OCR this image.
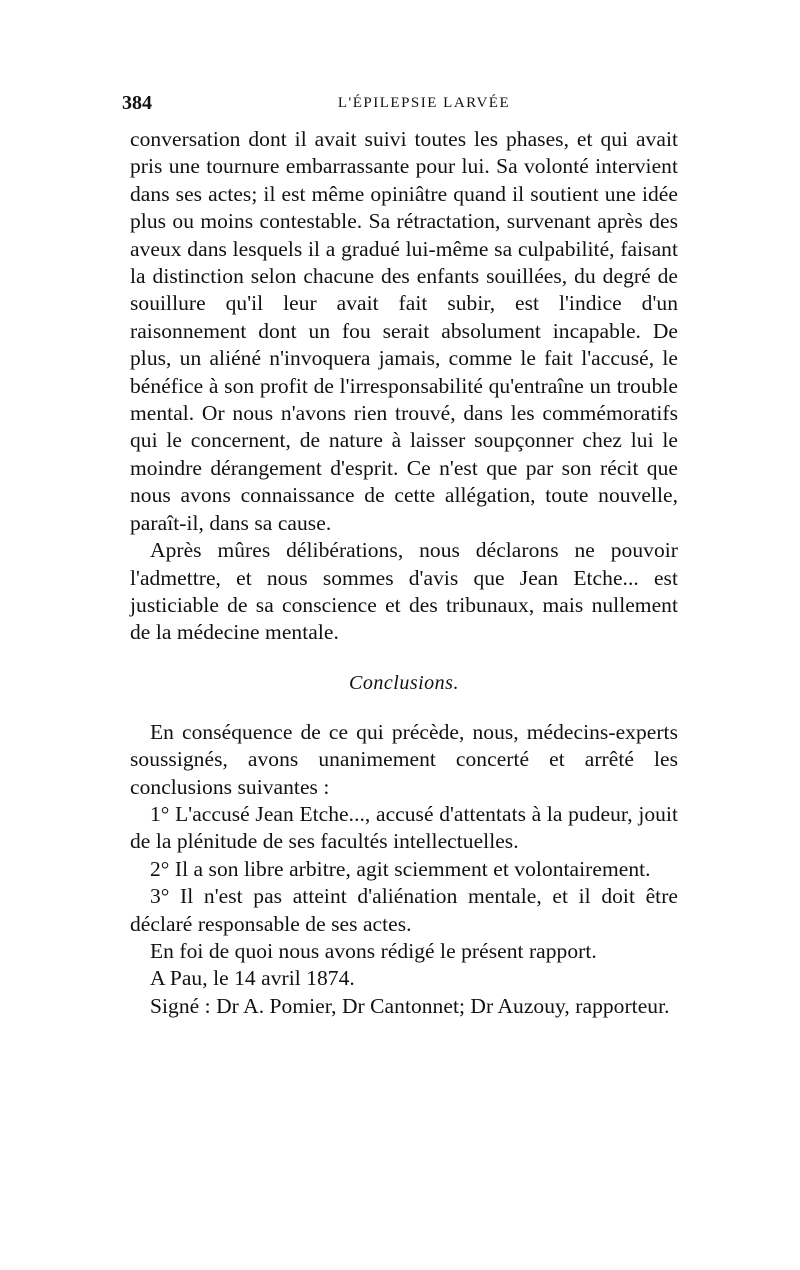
384	L'ÉPILEPSIE LARVÉE

conversation dont il avait suivi toutes les phases, et qui avait pris une tournure embarrassante pour lui. Sa volonté intervient dans ses actes; il est même opiniâtre quand il soutient une idée plus ou moins contestable. Sa rétractation, survenant après des aveux dans lesquels il a gradué lui-même sa culpabilité, faisant la distinction selon chacune des enfants souillées, du degré de souillure qu'il leur avait fait subir, est l'indice d'un raisonnement dont un fou serait absolument incapable. De plus, un aliéné n'invoquera jamais, comme le fait l'accusé, le bénéfice à son profit de l'irresponsabilité qu'entraîne un trouble mental. Or nous n'avons rien trouvé, dans les commémoratifs qui le concernent, de nature à laisser soupçonner chez lui le moindre dérangement d'esprit. Ce n'est que par son récit que nous avons connaissance de cette allégation, toute nouvelle, paraît-il, dans sa cause.

Après mûres délibérations, nous déclarons ne pouvoir l'admettre, et nous sommes d'avis que Jean Etche... est justiciable de sa conscience et des tribunaux, mais nullement de la médecine mentale.

Conclusions.

En conséquence de ce qui précède, nous, médecins-experts soussignés, avons unanimement concerté et arrêté les conclusions suivantes :

1° L'accusé Jean Etche..., accusé d'attentats à la pudeur, jouit de la plénitude de ses facultés intellectuelles.

2° Il a son libre arbitre, agit sciemment et volontairement.

3° Il n'est pas atteint d'aliénation mentale, et il doit être déclaré responsable de ses actes.

En foi de quoi nous avons rédigé le présent rapport.

A Pau, le 14 avril 1874.

Signé : Dr A. Pomier, Dr Cantonnet; Dr Auzouy, rapporteur.
